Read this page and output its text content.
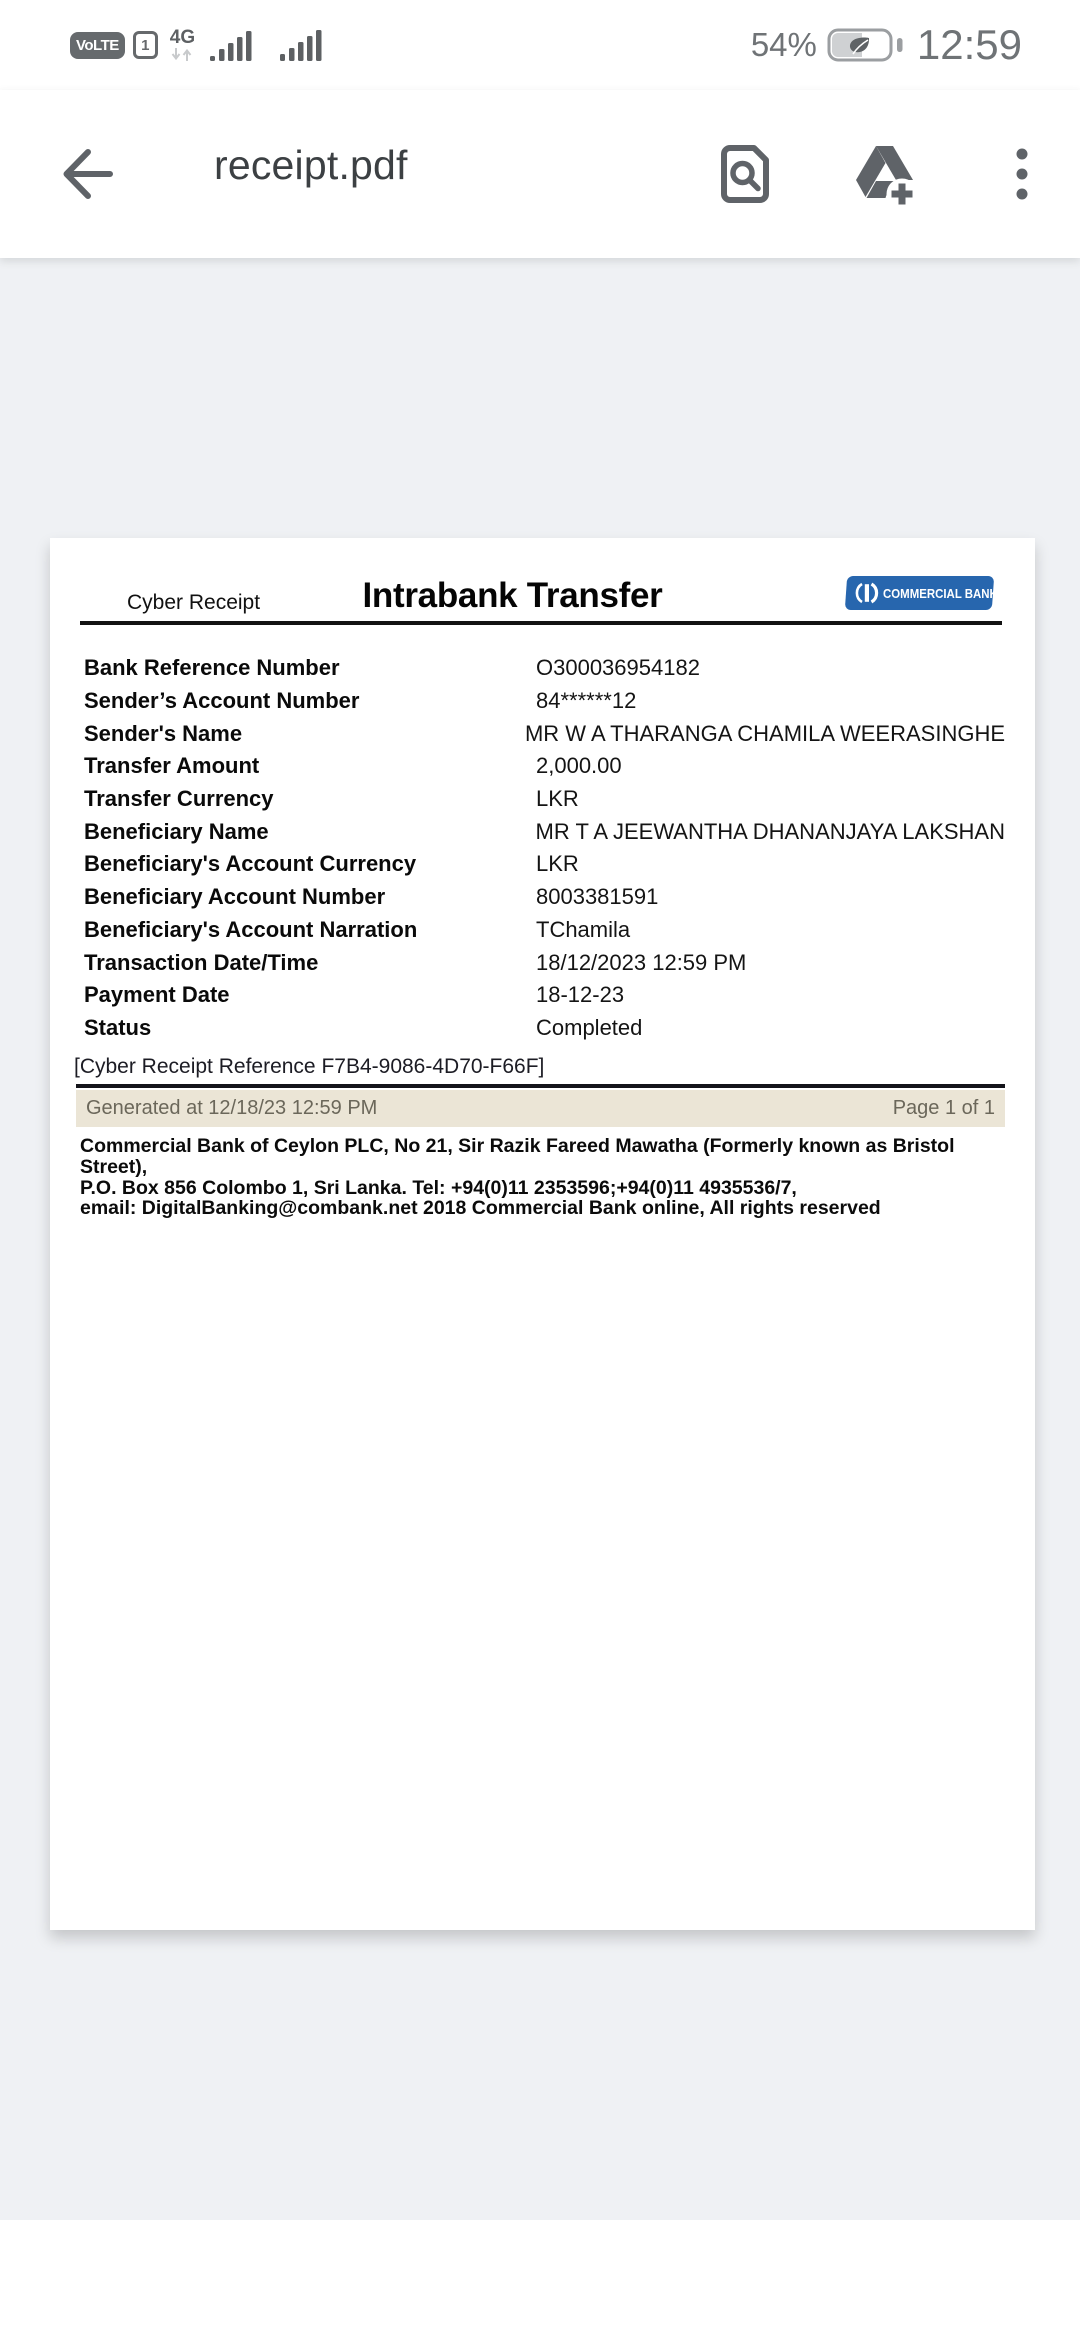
VoLTE	1	4G	54% 12:59
receipt.pdf
Cyber Receipt	Intrabank Transfer	COMMERCIAL BANK
Bank Reference Number	O300036954182
Sender’s Account Number	84******12
Sender's Name	MR W A THARANGA CHAMILA WEERASINGHE
Transfer Amount	2,000.00
Transfer Currency	LKR
Beneficiary Name	MR T A JEEWANTHA DHANANJAYA LAKSHAN
Beneficiary's Account Currency	LKR
Beneficiary Account Number	8003381591
Beneficiary's Account Narration	TChamila
Transaction Date/Time	18/12/2023 12:59 PM
Payment Date	18-12-23
Status	Completed
[Cyber Receipt Reference F7B4-9086-4D70-F66F]
Generated at 12/18/23 12:59 PM	Page 1 of 1
Commercial Bank of Ceylon PLC, No 21, Sir Razik Fareed Mawatha (Formerly known as Bristol Street),
P.O. Box 856 Colombo 1, Sri Lanka. Tel: +94(0)11 2353596;+94(0)11 4935536/7,
email: DigitalBanking@combank.net 2018 Commercial Bank online, All rights reserved
